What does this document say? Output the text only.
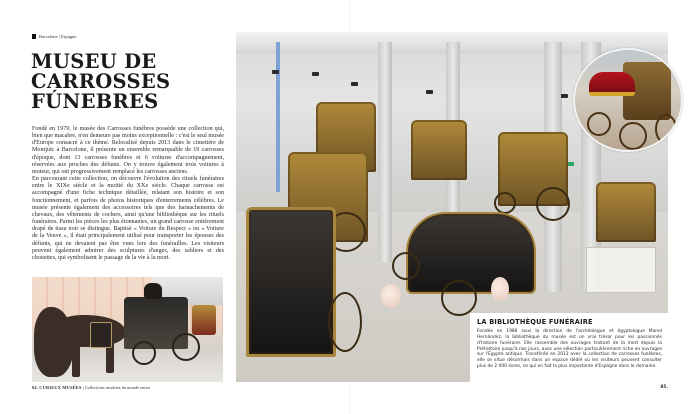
Barcelone | Espagne
MUSEU DE
CARROSSES
FÚNEBRES

Fondé en 1970, le musée des Carrosses funèbres possède une collection qui, bien que macabre, n'en demeure pas moins exceptionnelle : c'est le seul musée d'Europe consacré à ce thème. Relocalisé depuis 2013 dans le cimetière de Montjuïc à Barcelone, il présente un ensemble remarquable de 19 carrosses d'époque, dont 13 carrosses funèbres et 6 voitures d'accompagnement, réservées aux proches des défunts. On y trouve également trois voitures à moteur, qui ont progressivement remplacé les carrosses anciens.

En parcourant cette collection, on découvre l'évolution des rituels funéraires entre le XIXe siècle et la moitié du XXe siècle. Chaque carrosse est accompagné d'une fiche technique détaillée, relatant son histoire et son fonctionnement, et parfois de photos historiques d'enterrements célèbres. Le musée présente également des accessoires tels que des harnachements de chevaux, des vêtements de cochers, ainsi qu'une bibliothèque sur les rituels funéraires. Parmi les pièces les plus étonnantes, un grand carrosse entièrement drapé de tissu noir se distingue. Baptisé « Voiture du Respect » ou « Voiture de la Veuve », il était principalement utilisé pour transporter les épouses des défunts, qui ne devaient pas être vues lors des funérailles. Les visiteurs peuvent également admirer des sculptures d'anges, des sabliers et des chouettes, qui symbolisent le passage de la vie à la mort.

84. CURIEUX MUSÉES | Collections insolites du monde entier
LA BIBLIOTHÈQUE FUNÉRAIRE

Fondée en 1986 sous la direction de l'archéologue et égyptologue Manel Hernández, la bibliothèque du musée est un vrai trésor pour les passionnés d'histoire funéraire. Elle rassemble des ouvrages traitant de la mort depuis la Préhistoire jusqu'à nos jours, avec une sélection particulièrement riche en ouvrages sur l'Égypte antique. Transférée en 2013 avec la collection de carrosses funèbres, elle se situe désormais dans un espace dédié où les visiteurs peuvent consulter plus de 2 000 livres, ce qui en fait la plus importante d'Espagne dans le domaine.

85.
